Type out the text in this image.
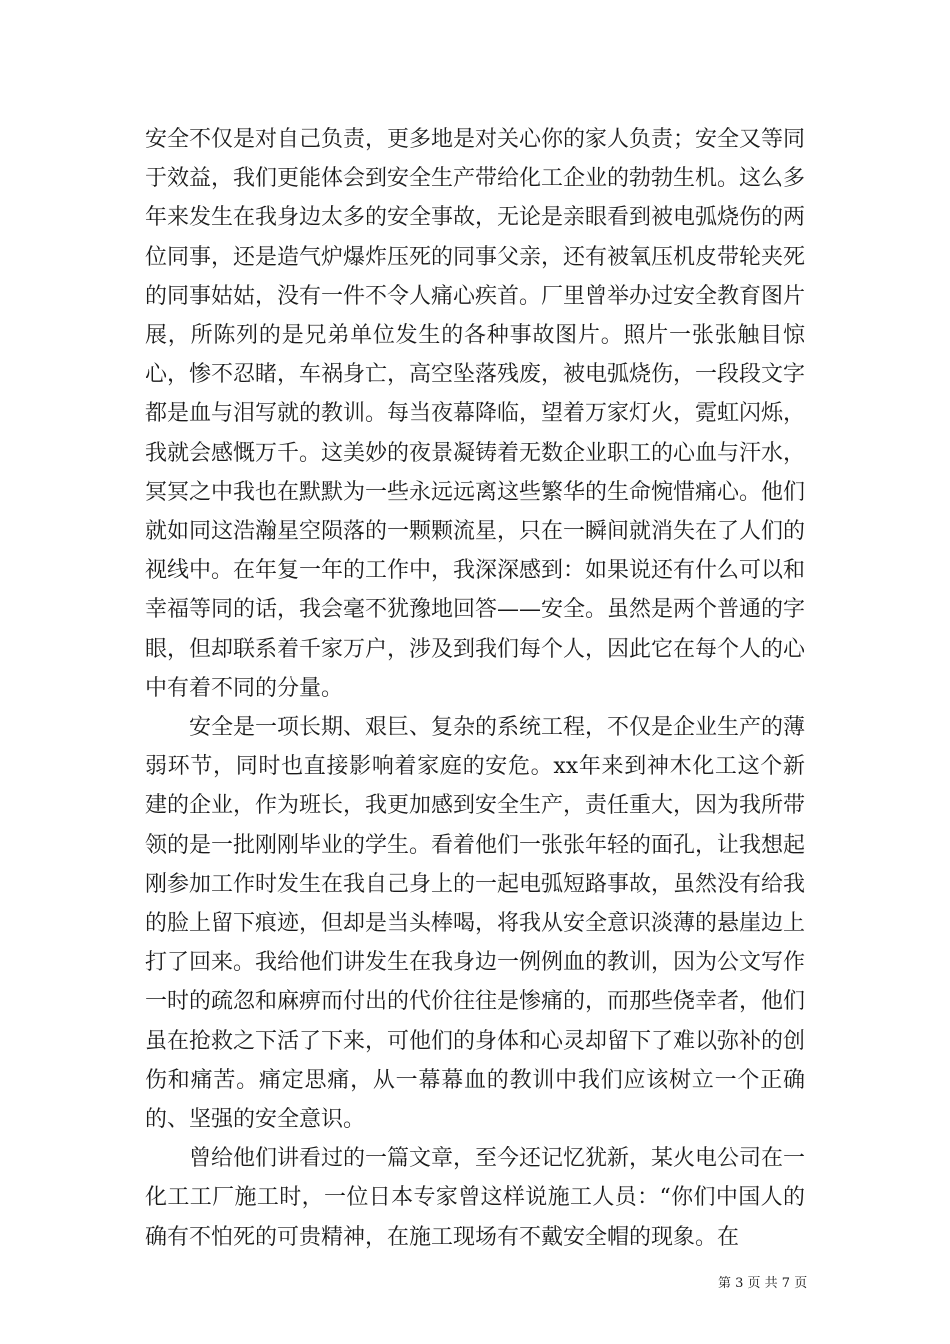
安全不仅是对自己负责，更多地是对关心你的家人负责；安全又等同于效益，我们更能体会到安全生产带给化工企业的勃勃生机。这么多年来发生在我身边太多的安全事故，无论是亲眼看到被电弧烧伤的两位同事，还是造气炉爆炸压死的同事父亲，还有被氧压机皮带轮夹死的同事姑姑，没有一件不令人痛心疾首。厂里曾举办过安全教育图片展，所陈列的是兄弟单位发生的各种事故图片。照片一张张触目惊心，惨不忍睹，车祸身亡，高空坠落残废，被电弧烧伤，一段段文字都是血与泪写就的教训。每当夜幕降临，望着万家灯火，霓虹闪烁，我就会感慨万千。这美妙的夜景凝铸着无数企业职工的心血与汗水，冥冥之中我也在默默为一些永远远离这些繁华的生命惋惜痛心。他们就如同这浩瀚星空陨落的一颗颗流星，只在一瞬间就消失在了人们的视线中。在年复一年的工作中，我深深感到：如果说还有什么可以和幸福等同的话，我会毫不犹豫地回答——安全。虽然是两个普通的字眼，但却联系着千家万户，涉及到我们每个人，因此它在每个人的心中有着不同的分量。

安全是一项长期、艰巨、复杂的系统工程，不仅是企业生产的薄弱环节，同时也直接影响着家庭的安危。xx年来到神木化工这个新建的企业，作为班长，我更加感到安全生产，责任重大，因为我所带领的是一批刚刚毕业的学生。看着他们一张张年轻的面孔，让我想起刚参加工作时发生在我自己身上的一起电弧短路事故，虽然没有给我的脸上留下痕迹，但却是当头棒喝，将我从安全意识淡薄的悬崖边上打了回来。我给他们讲发生在我身边一例例血的教训，因为公文写作一时的疏忽和麻痹而付出的代价往往是惨痛的，而那些侥幸者，他们虽在抢救之下活了下来，可他们的身体和心灵却留下了难以弥补的创伤和痛苦。痛定思痛，从一幕幕血的教训中我们应该树立一个正确的、坚强的安全意识。

曾给他们讲看过的一篇文章，至今还记忆犹新，某火电公司在一化工工厂施工时，一位日本专家曾这样说施工人员：“你们中国人的确有不怕死的可贵精神，在施工现场有不戴安全帽的现象。在

第 3 页 共 7 页
